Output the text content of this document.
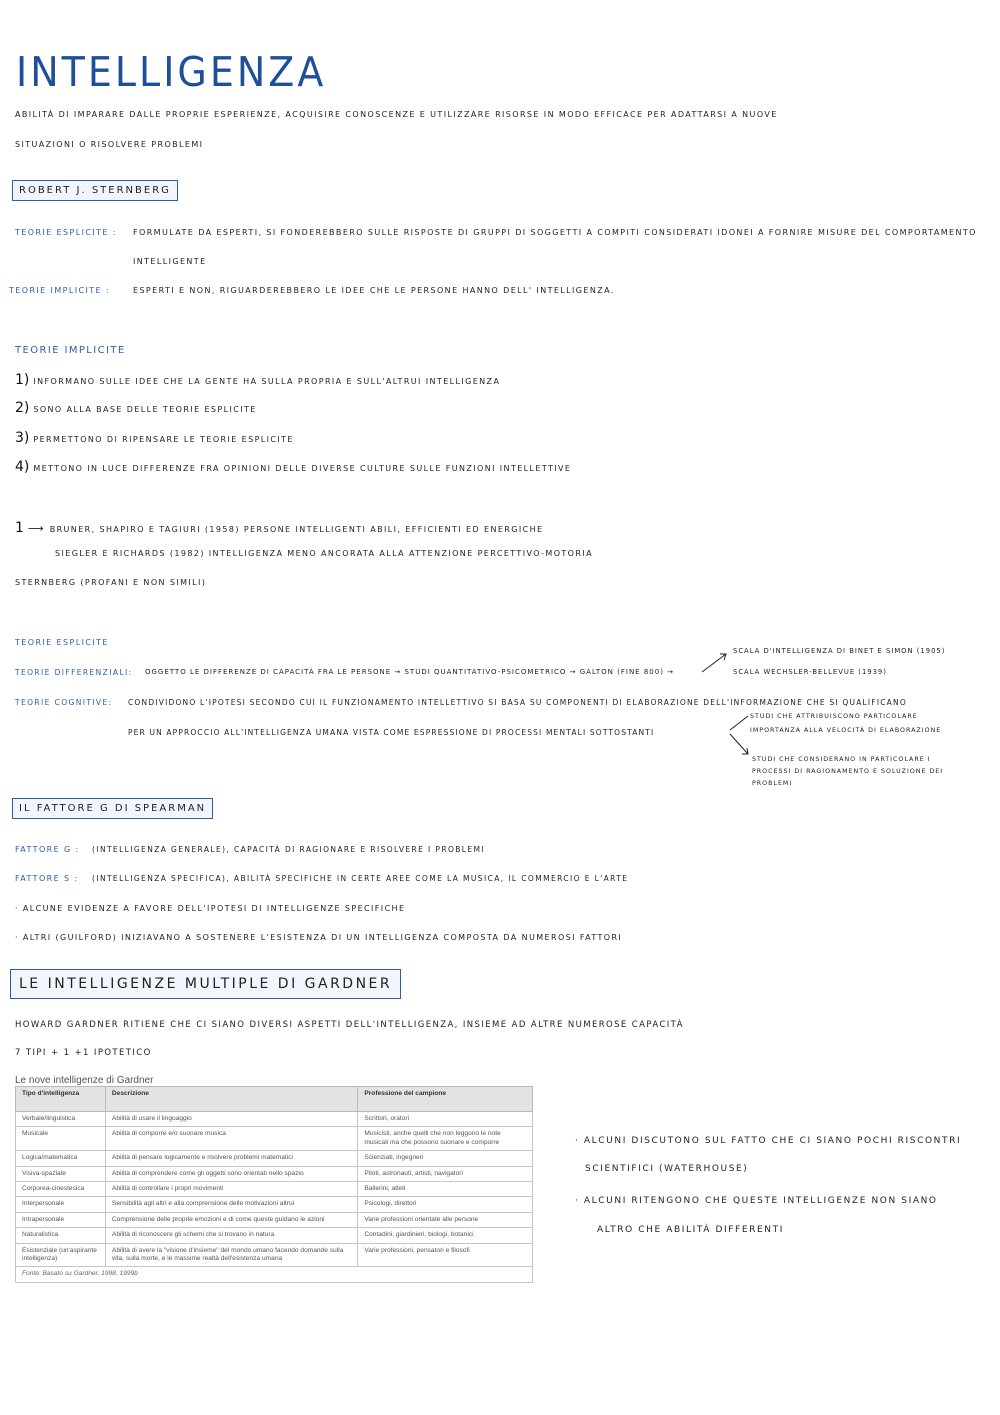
INTELLIGENZA
ABILITÀ DI IMPARARE DALLE PROPRIE ESPERIENZE, ACQUISIRE CONOSCENZE E UTILIZZARE RISORSE IN MODO EFFICACE PER ADATTARSI A NUOVE
SITUAZIONI O RISOLVERE PROBLEMI
ROBERT J. STERNBERG
TEORIE ESPLICITE : FORMULATE DA ESPERTI, SI FONDEREBBERO SULLE RISPOSTE DI GRUPPI DI SOGGETTI A COMPITI CONSIDERATI IDONEI A FORNIRE MISURE DEL COMPORTAMENTO
INTELLIGENTE
TEORIE IMPLICITE :	ESPERTI E NON, RIGUARDEREBBERO LE IDEE CHE LE PERSONE HANNO DELL' INTELLIGENZA.
TEORIE IMPLICITE
1) INFORMANO SULLE IDEE CHE LA GENTE HA SULLA PROPRIA E SULL'ALTRUI INTELLIGENZA
2) SONO ALLA BASE DELLE TEORIE ESPLICITE
3) PERMETTONO DI RIPENSARE LE TEORIE ESPLICITE
4) METTONO IN LUCE DIFFERENZE FRA OPINIONI DELLE DIVERSE CULTURE SULLE FUNZIONI INTELLETTIVE
1 ⟶ BRUNER, SHAPIRO E TAGIURI (1958) PERSONE INTELLIGENTI ABILI, EFFICIENTI ED ENERGICHE
SIEGLER E RICHARDS (1982) INTELLIGENZA MENO ANCORATA ALLA ATTENZIONE PERCETTIVO-MOTORIA
STERNBERG (PROFANI E NON SIMILI)
TEORIE ESPLICITE
TEORIE DIFFERENZIALI: OGGETTO LE DIFFERENZE DI CAPACITÀ FRA LE PERSONE → STUDI QUANTITATIVO-PSICOMETRICO → GALTON (FINE 800) →
SCALA D'INTELLIGENZA DI BINET E SIMON (1905)
SCALA WECHSLER-BELLEVUE (1939)
TEORIE COGNITIVE: CONDIVIDONO L'IPOTESI SECONDO CUI IL FUNZIONAMENTO INTELLETTIVO SI BASA SU COMPONENTI DI ELABORAZIONE DELL'INFORMAZIONE CHE SI QUALIFICANO
PER UN APPROCCIO ALL'INTELLIGENZA UMANA VISTA COME ESPRESSIONE DI PROCESSI MENTALI SOTTOSTANTI
STUDI CHE ATTRIBUISCONO PARTICOLARE
IMPORTANZA ALLA VELOCITÀ DI ELABORAZIONE
STUDI CHE CONSIDERANO IN PARTICOLARE I
PROCESSI DI RAGIONAMENTO E SOLUZIONE DEI
PROBLEMI
IL FATTORE G DI SPEARMAN
FATTORE G : (INTELLIGENZA GENERALE), CAPACITÀ DI RAGIONARE E RISOLVERE I PROBLEMI
FATTORE S : (INTELLIGENZA SPECIFICA), ABILITÀ SPECIFICHE IN CERTE AREE COME LA MUSICA, IL COMMERCIO E L'ARTE
· ALCUNE EVIDENZE A FAVORE DELL'IPOTESI DI INTELLIGENZE SPECIFICHE
· ALTRI (GUILFORD) INIZIAVANO A SOSTENERE L'ESISTENZA DI UN INTELLIGENZA COMPOSTA DA NUMEROSI FATTORI
LE INTELLIGENZE MULTIPLE DI GARDNER
HOWARD GARDNER RITIENE CHE CI SIANO DIVERSI ASPETTI DELL'INTELLIGENZA, INSIEME AD ALTRE NUMEROSE CAPACITÀ
7 TIPI + 1 +1 IPOTETICO
· ALCUNI DISCUTONO SUL FATTO CHE CI SIANO POCHI RISCONTRI
SCIENTIFICI (WATERHOUSE)
· ALCUNI RITENGONO CHE QUESTE INTELLIGENZE NON SIANO
ALTRO CHE ABILITÀ DIFFERENTI
Le nove intelligenze di Gardner
Tipo d'intelligenza	Descrizione	Professione del campione
Verbale/linguistica	Abilità di usare il linguaggio	Scrittori, oratori
Musicale	Abilità di comporre e/o suonare musica	Musicisti, anche quelli che non leggono le note musicali ma che possono suonare e comporre
Logica/matematica	Abilità di pensare logicamente e risolvere problemi matematici	Scienziati, ingegneri
Visiva-spaziale	Abilità di comprendere come gli oggetti sono orientati nello spazio	Piloti, astronauti, artisti, navigatori
Corporea-cinestesica	Abilità di controllare i propri movimenti	Ballerini, atleti
Interpersonale	Sensibilità agli altri e alla comprensione delle motivazioni altrui	Psicologi, direttori
Intrapersonale	Comprensione delle proprie emozioni e di come queste guidano le azioni	Varie professioni orientate alle persone
Naturalistica	Abilità di riconoscere gli schemi che si trovano in natura	Contadini, giardinieri, biologi, botanici
Esistenziale (un'aspirante intelligenza)	Abilità di avere la "visione d'insieme" del mondo umano facendo domande sulla vita, sulla morte, e le massime realtà dell'esistenza umana	Varie professioni, pensatori e filosofi
Fonte: Basato su Gardner, 1998, 1999b		
